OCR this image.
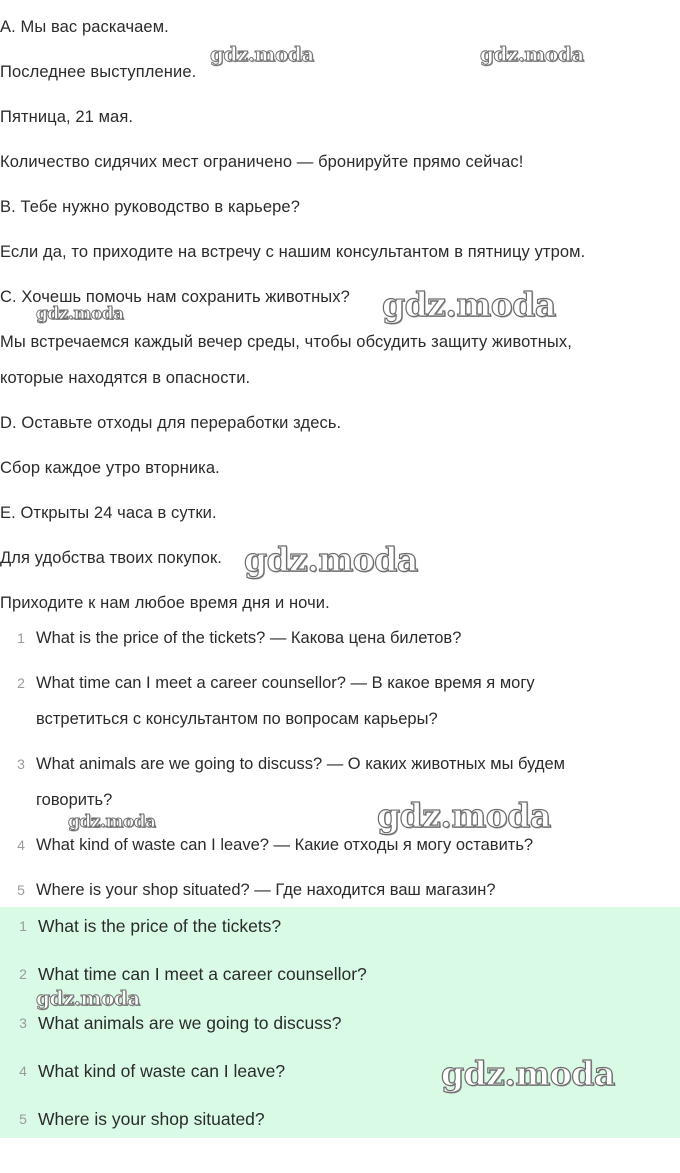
А. Мы вас раскачаем.
Последнее выступление.
Пятница, 21 мая.
Количество сидячих мест ограничено — бронируйте прямо сейчас!
В. Тебе нужно руководство в карьере?
Если да, то приходите на встречу с нашим консультантом в пятницу утром.
С. Хочешь помочь нам сохранить животных?
Мы встречаемся каждый вечер среды, чтобы обсудить защиту животных,
которые находятся в опасности.
D. Оставьте отходы для переработки здесь.
Сбор каждое утро вторника.
Е. Открыты 24 часа в сутки.
Для удобства твоих покупок.
Приходите к нам любое время дня и ночи.
1 What is the price of the tickets? — Какова цена билетов?
2 What time can I meet a career counsellor? — В какое время я могу
встретиться с консультантом по вопросам карьеры?
3 What animals are we going to discuss? — О каких животных мы будем
говорить?
4 What kind of waste can I leave? — Какие отходы я могу оставить?
5 Where is your shop situated? — Где находится ваш магазин?
1 What is the price of the tickets?
2 What time can I meet a career counsellor?
3 What animals are we going to discuss?
4 What kind of waste can I leave?
5 Where is your shop situated?
gdz.moda	gdz.moda
gdz.moda
gdz.moda
gdz.moda
gdz.moda
gdz.moda
gdz.moda
gdz.moda
